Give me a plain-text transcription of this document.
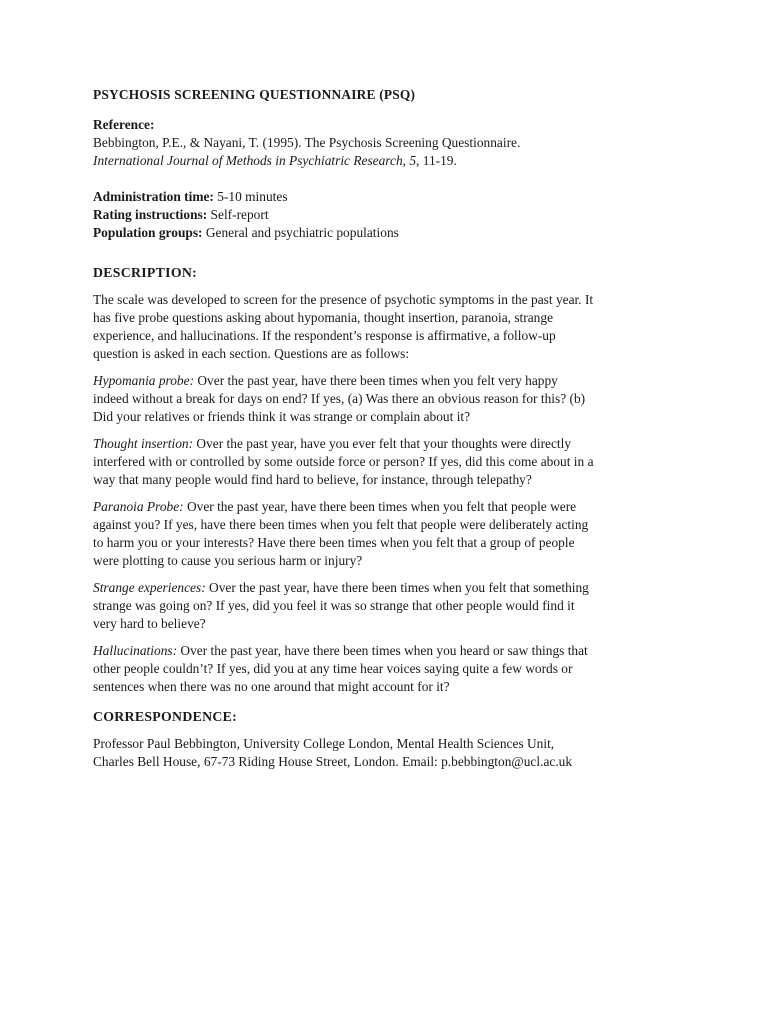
PSYCHOSIS SCREENING QUESTIONNAIRE (PSQ)
Reference:
Bebbington, P.E., & Nayani, T. (1995). The Psychosis Screening Questionnaire.
International Journal of Methods in Psychiatric Research, 5, 11-19.
Administration time: 5-10 minutes
Rating instructions: Self-report
Population groups: General and psychiatric populations
DESCRIPTION:
The scale was developed to screen for the presence of psychotic symptoms in the past year. It
has five probe questions asking about hypomania, thought insertion, paranoia, strange
experience, and hallucinations. If the respondent’s response is affirmative, a follow-up
question is asked in each section. Questions are as follows:
Hypomania probe: Over the past year, have there been times when you felt very happy
indeed without a break for days on end? If yes, (a) Was there an obvious reason for this? (b)
Did your relatives or friends think it was strange or complain about it?
Thought insertion: Over the past year, have you ever felt that your thoughts were directly
interfered with or controlled by some outside force or person? If yes, did this come about in a
way that many people would find hard to believe, for instance, through telepathy?
Paranoia Probe: Over the past year, have there been times when you felt that people were
against you? If yes, have there been times when you felt that people were deliberately acting
to harm you or your interests? Have there been times when you felt that a group of people
were plotting to cause you serious harm or injury?
Strange experiences: Over the past year, have there been times when you felt that something
strange was going on? If yes, did you feel it was so strange that other people would find it
very hard to believe?
Hallucinations: Over the past year, have there been times when you heard or saw things that
other people couldn’t? If yes, did you at any time hear voices saying quite a few words or
sentences when there was no one around that might account for it?
CORRESPONDENCE:
Professor Paul Bebbington, University College London, Mental Health Sciences Unit,
Charles Bell House, 67-73 Riding House Street, London. Email: p.bebbington@ucl.ac.uk
